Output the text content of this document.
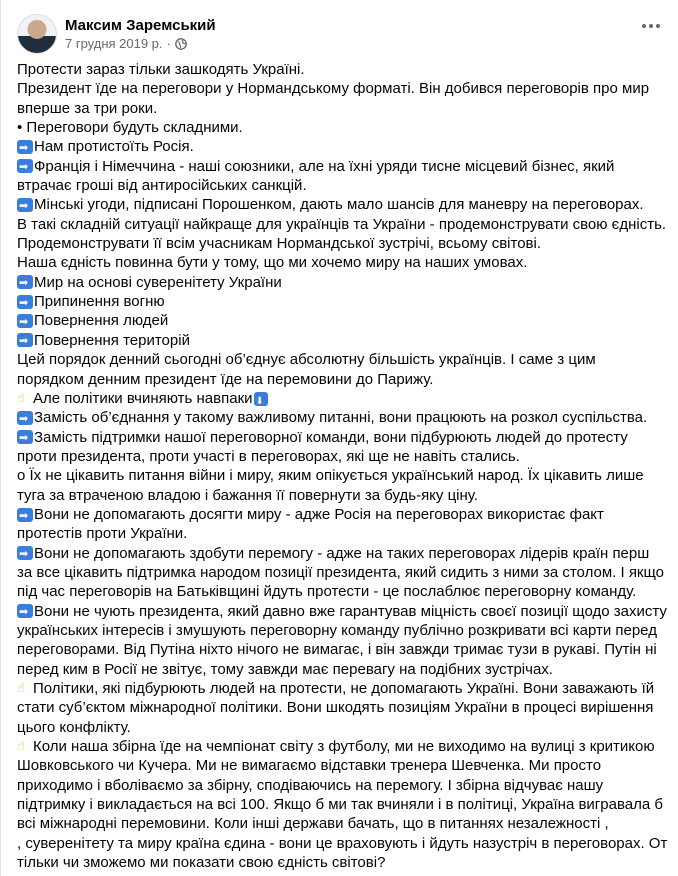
Максим Заремський
7 грудня 2019 р. ·
Протести зараз тільки зашкодять Україні.
Президент їде на переговори у Нормандському форматі. Він добився переговорів про мир
вперше за три роки.
• Переговори будуть складними.
➡
Нам протистоїть Росія.
➡
Франція і Німеччина - наші союзники, але на їхні уряди тисне місцевий бізнес, який
втрачає гроші від антиросійських санкцій.
➡
Мінські угоди, підписані Порошенком, дають мало шансів для маневру на переговорах.
В такі складній ситуації найкраще для українців та України - продемонструвати свою єдність.
Продемонструвати її всім учасникам Нормандської зустрічі, всьому світові.
Наша єдність повинна бути у тому, що ми хочемо миру на наших умовах.
➡
Мир на основі суверенітету України
➡
Припинення вогню
➡
Повернення людей
➡
Повернення територій
Цей порядок денний сьогодні об’єднує абсолютну більшість українців. І саме з цим
порядком денним президент їде на перемовини до Парижу.
☝ Але політики вчиняють навпаки
⬇
➡
Замість об’єднання у такому важливому питанні, вони працюють на розкол суспільства.
➡
Замість підтримки нашої переговорної команди, вони підбурюють людей до протесту
проти президента, проти участі в переговорах, які ще не навіть стались.
о Їх не цікавить питання війни і миру, яким опікується український народ. Їх цікавить лише
туга за втраченою владою і бажання її повернути за будь-яку ціну.
➡
Вони не допомагають досягти миру - адже Росія на переговорах використає факт
протестів проти України.
➡
Вони не допомагають здобути перемогу - адже на таких переговорах лідерів країн перш
за все цікавить підтримка народом позиції президента, який сидить з ними за столом. І якщо
під час переговорів на Батьківщині йдуть протести - це послаблює переговорну команду.
➡
Вони не чують президента, який давно вже гарантував міцність своєї позиції щодо захисту
українських інтересів і змушують переговорну команду публічно розкривати всі карти перед
переговорами. Від Путіна ніхто нічого не вимагає, і він завжди тримає тузи в рукаві. Путін ні
перед ким в Росії не звітує, тому завжди має перевагу на подібних зустрічах.
☝ Політики, які підбурюють людей на протести, не допомагають Україні. Вони заважають їй
стати суб’єктом міжнародної політики. Вони шкодять позиціям України в процесі вирішення
цього конфлікту.
☝ Коли наша збірна їде на чемпіонат світу з футболу, ми не виходимо на вулиці з критикою
Шовковського чи Кучера. Ми не вимагаємо відставки тренера Шевченка. Ми просто
приходимо і вболіваємо за збірну, сподіваючись на перемогу. І збірна відчуває нашу
підтримку і викладається на всі 100. Якщо б ми так вчиняли і в політиці, Україна вигравала б
всі міжнародні перемовини. Коли інші держави бачать, що в питаннях незалежності ,
, суверенітету та миру країна єдина - вони це враховують і йдуть назустріч в переговорах. От
тільки чи зможемо ми показати свою єдність світові?
